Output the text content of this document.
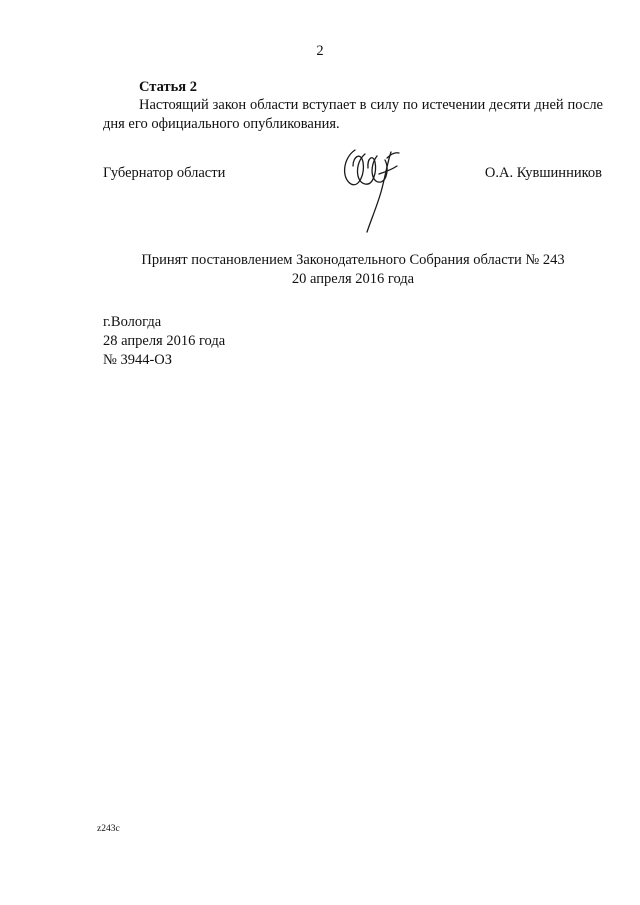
2
Статья 2
Настоящий закон области вступает в силу по истечении десяти дней после дня его официального опубликования.
Губернатор области	О.А. Кувшинников
Принят постановлением Законодательного Собрания области № 243
20 апреля 2016 года
г.Вологда
28 апреля 2016 года
№ 3944-ОЗ
z243c
